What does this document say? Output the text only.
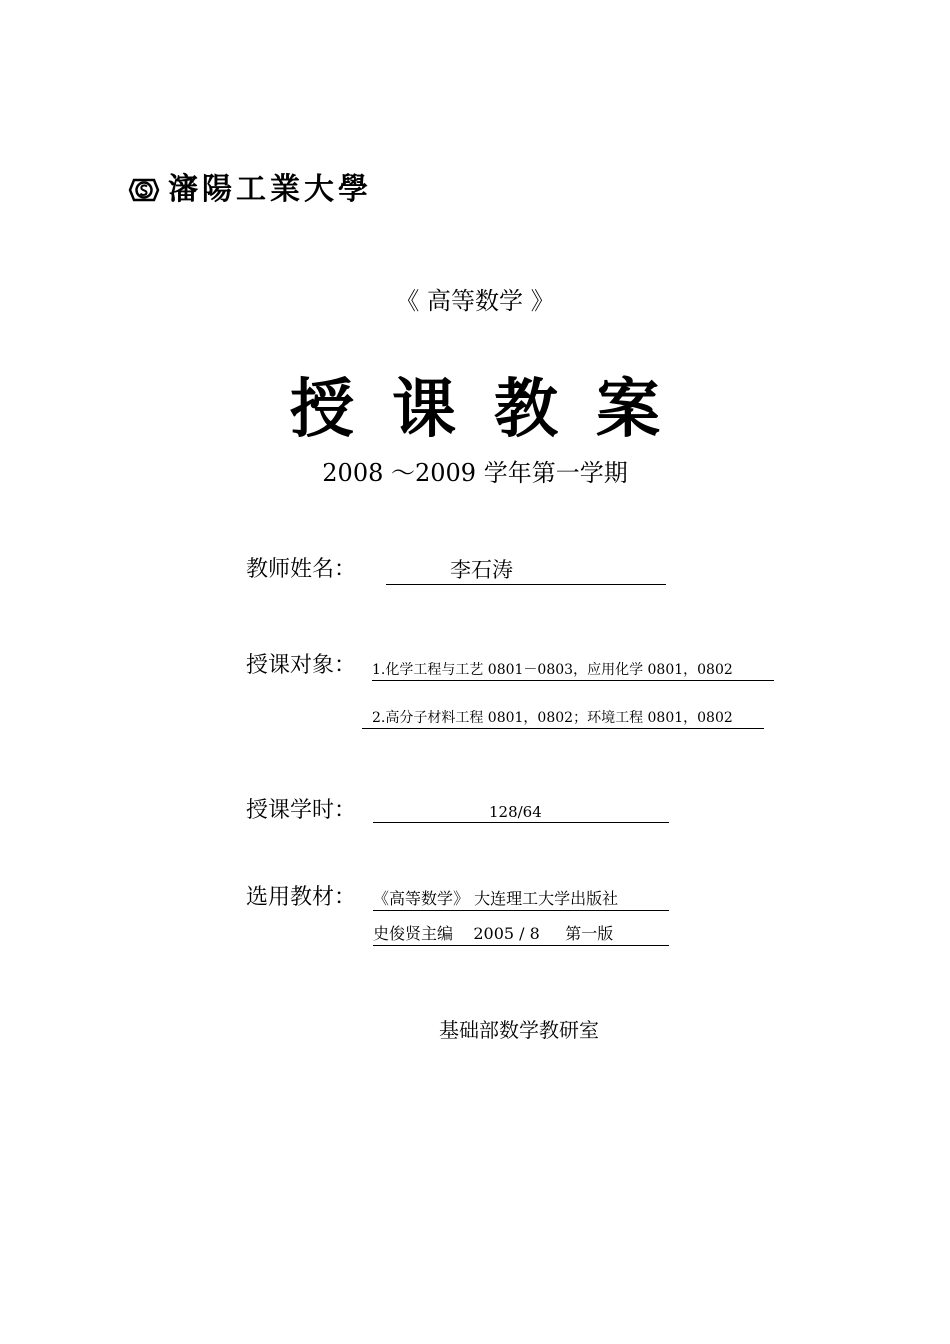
瀋陽工業大學
《 高等数学 》
授课教案
2008 ～2009 学年第一学期
教师姓名：	李石涛
授课对象： 1.化学工程与工艺 0801－0803，应用化学 0801，0802
2.高分子材料工程 0801，0802；环境工程 0801，0802
授课学时：	128/64
选用教材： 《高等数学》 大连理工大学出版社
史俊贤主编    2005 / 8     第一版
基础部数学教研室
